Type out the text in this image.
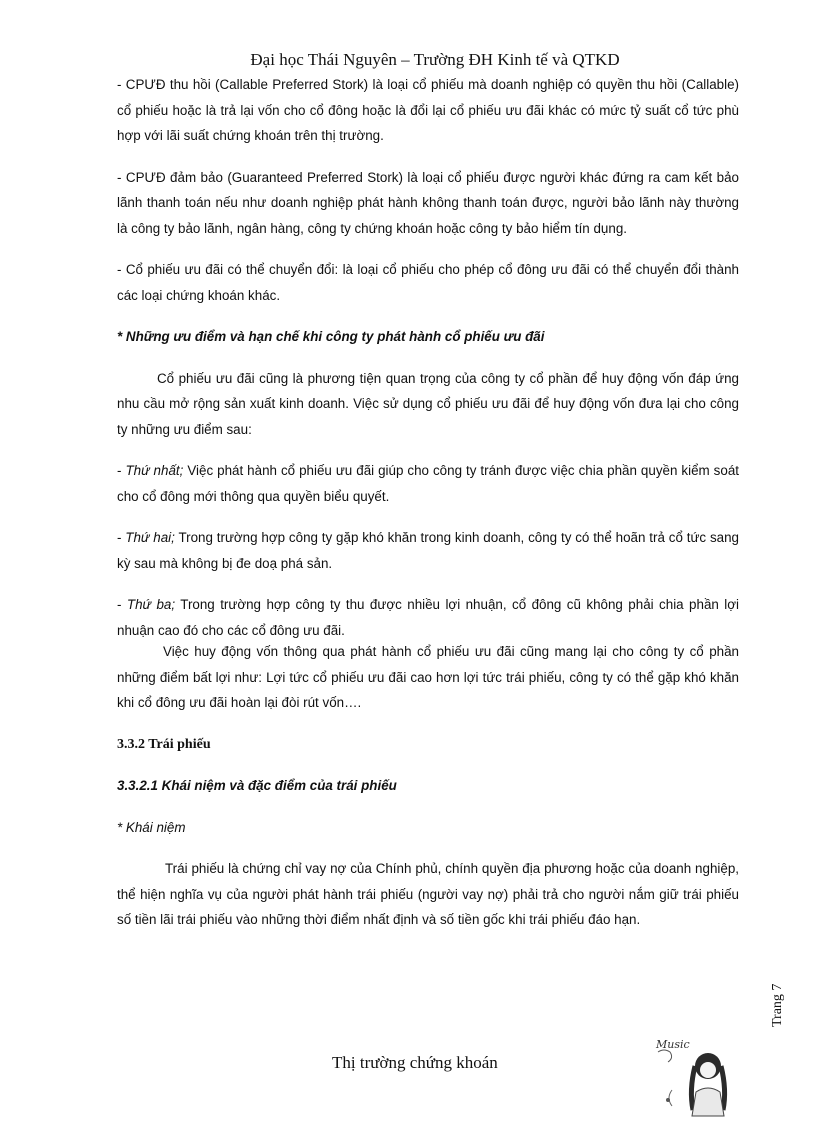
Đại học Thái Nguyên – Trường ĐH Kinh tế và QTKD

- CPƯĐ thu hồi (Callable Preferred Stork) là loại cổ phiếu mà doanh nghiệp có quyền thu hồi (Callable) cổ phiếu hoặc là trả lại vốn cho cổ đông hoặc là đổi lại cổ phiếu ưu đãi khác có mức tỷ suất cổ tức phù hợp với lãi suất chứng khoán trên thị trường.

- CPƯĐ đảm bảo (Guaranteed Preferred Stork) là loại cổ phiếu được người khác đứng ra cam kết bảo lãnh thanh toán nếu như doanh nghiệp phát hành không thanh toán được, người bảo lãnh này thường là công ty bảo lãnh, ngân hàng, công ty chứng khoán hoặc công ty bảo hiểm tín dụng.

- Cổ phiếu ưu đãi có thể chuyển đổi: là loại cổ phiếu cho phép cổ đông ưu đãi có thể chuyển đổi thành các loại chứng khoán khác.

* Những ưu điểm và hạn chế khi công ty phát hành cổ phiếu ưu đãi

Cổ phiếu ưu đãi cũng là phương tiện quan trọng của công ty cổ phần để huy động vốn đáp ứng nhu cầu mở rộng sản xuất kinh doanh. Việc sử dụng cổ phiếu ưu đãi để huy động vốn đưa lại cho công ty những ưu điểm sau:

- Thứ nhất; Việc phát hành cổ phiếu ưu đãi giúp cho công ty tránh được việc chia phần quyền kiểm soát cho cổ đông mới thông qua quyền biểu quyết.

- Thứ hai; Trong trường hợp công ty gặp khó khăn trong kinh doanh, công ty có thể hoãn trả cổ tức sang kỳ sau mà không bị đe doạ phá sản.

- Thứ ba; Trong trường hợp công ty thu được nhiều lợi nhuận, cổ đông cũ không phải chia phần lợi nhuận cao đó cho các cổ đông ưu đãi.

Việc huy động vốn thông qua phát hành cổ phiếu ưu đãi cũng mang lại cho công ty cổ phần những điểm bất lợi như: Lợi tức cổ phiếu ưu đãi cao hơn lợi tức trái phiếu, công ty có thể gặp khó khăn khi cổ đông ưu đãi hoàn lại đòi rút vốn….

3.3.2 Trái phiếu

3.3.2.1 Khái niệm và đặc điểm của trái phiếu

* Khái niệm

Trái phiếu là chứng chỉ vay nợ của Chính phủ, chính quyền địa phương hoặc của doanh nghiệp, thể hiện nghĩa vụ của người phát hành trái phiếu (người vay nợ) phải trả cho người nắm giữ trái phiếu số tiền lãi trái phiếu vào những thời điểm nhất định và số tiền gốc khi trái phiếu đáo hạn.

Trang 7
Thị trường chứng khoán
Music
